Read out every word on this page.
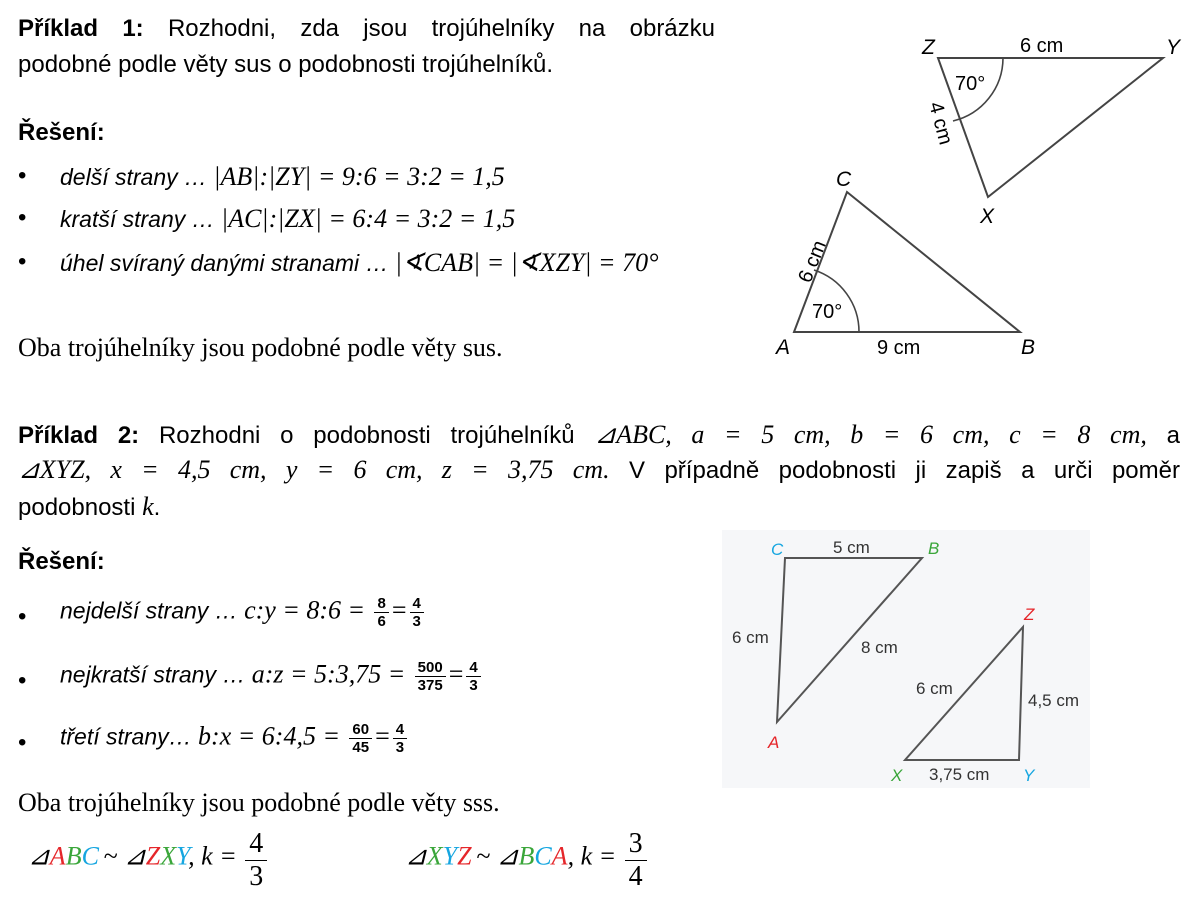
Příklad 1: Rozhodni, zda jsou trojúhelníky na obrázku
podobné podle věty sus o podobnosti trojúhelníků.
Řešení:
• delší strany … |AB|:|ZY| = 9:6 = 3:2 = 1,5
• kratší strany … |AC|:|ZX| = 6:4 = 3:2 = 1,5
• úhel svíraný danými stranami … |∢CAB| = |∢XZY| = 70°
Oba trojúhelníky jsou podobné podle věty sus.
Z	Y
X
6 cm
70°
4 cm
C
A	B
9 cm
70°
6 cm
Příklad 2: Rozhodni o podobnosti trojúhelníků ⊿ABC, a = 5 cm, b = 6 cm, c = 8 cm, a
⊿XYZ, x = 4,5 cm, y = 6 cm, z = 3,75 cm. V případně podobnosti ji zapiš a urči poměr
podobnosti k.
Řešení:
• nejdelší strany … c:y = 8:6 = $\frac{8}{6} = \frac{4}{3}$
• nejkratší strany … a:z = 5:3,75 = $\frac{500}{375} = \frac{4}{3}$
• třetí strany… b:x = 6:4,5 = $\frac{60}{45} = \frac{4}{3}$
Oba trojúhelníky jsou podobné podle věty sss.
⊿ABC ~ ⊿ZXY, $k = \frac{4}{3}$	⊿XYZ ~ ⊿BCA, $k = \frac{3}{4}$
C	B
A
5 cm
6 cm
8 cm
Z
X	Y
6 cm
4,5 cm
3,75 cm
